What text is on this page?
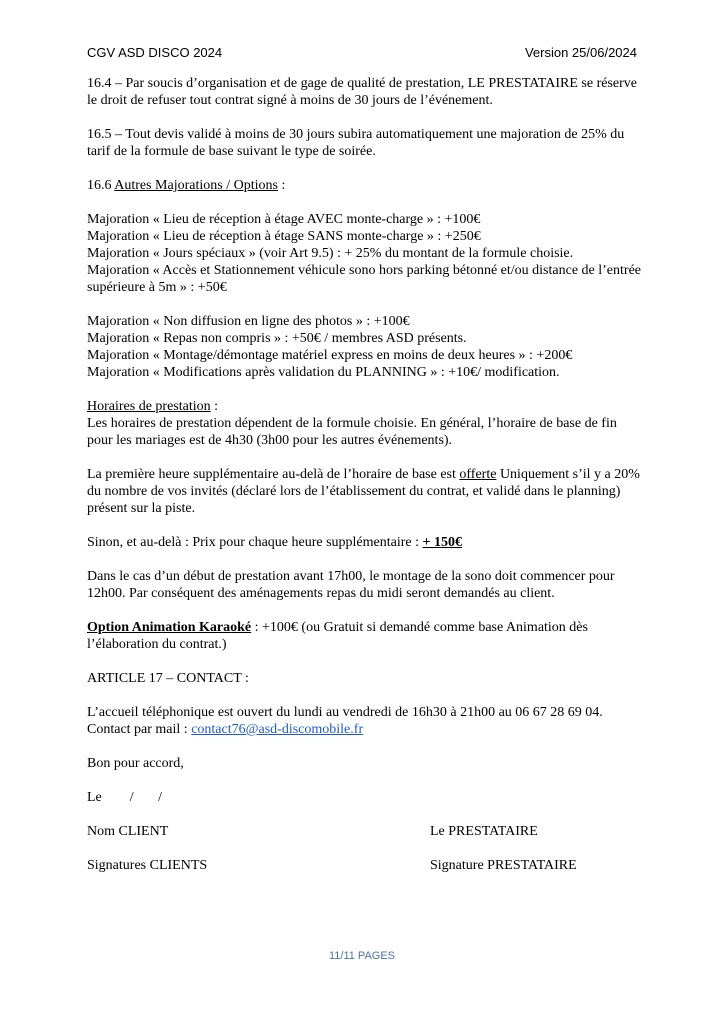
CGV ASD DISCO 2024	Version 25/06/2024

16.4 – Par soucis d’organisation et de gage de qualité de prestation, LE PRESTATAIRE se réserve le droit de refuser tout contrat signé à moins de 30 jours de l’événement.

16.5 – Tout devis validé à moins de 30 jours subira automatiquement une majoration de 25% du tarif de la formule de base suivant le type de soirée.

16.6 Autres Majorations / Options :

Majoration « Lieu de réception à étage AVEC monte-charge » : +100€

Majoration « Lieu de réception à étage SANS monte-charge » : +250€

Majoration « Jours spéciaux » (voir Art 9.5) : + 25% du montant de la formule choisie.

Majoration « Accès et Stationnement véhicule sono hors parking bétonné et/ou distance de l’entrée supérieure à 5m » : +50€

Majoration « Non diffusion en ligne des photos » : +100€

Majoration « Repas non compris » : +50€ / membres ASD présents.

Majoration « Montage/démontage matériel express en moins de deux heures » : +200€

Majoration « Modifications après validation du PLANNING » : +10€/ modification.

Horaires de prestation :

Les horaires de prestation dépendent de la formule choisie. En général, l’horaire de base de fin pour les mariages est de 4h30 (3h00 pour les autres événements).

La première heure supplémentaire au-delà de l’horaire de base est offerte Uniquement s’il y a 20% du nombre de vos invités (déclaré lors de l’établissement du contrat, et validé dans le planning) présent sur la piste.

Sinon, et au-delà : Prix pour chaque heure supplémentaire : + 150€

Dans le cas d’un début de prestation avant 17h00, le montage de la sono doit commencer pour 12h00. Par conséquent des aménagements repas du midi seront demandés au client.

Option Animation Karaoké : +100€ (ou Gratuit si demandé comme base Animation dès l’élaboration du contrat.)

ARTICLE 17 – CONTACT :

L’accueil téléphonique est ouvert du lundi au vendredi de 16h30 à 21h00 au 06 67 28 69 04.

Contact par mail : contact76@asd-discomobile.fr

Bon pour accord,

Le        /       /

Nom CLIENT	Le PRESTATAIRE
Signatures CLIENTS	Signature PRESTATAIRE
11/11 PAGES
